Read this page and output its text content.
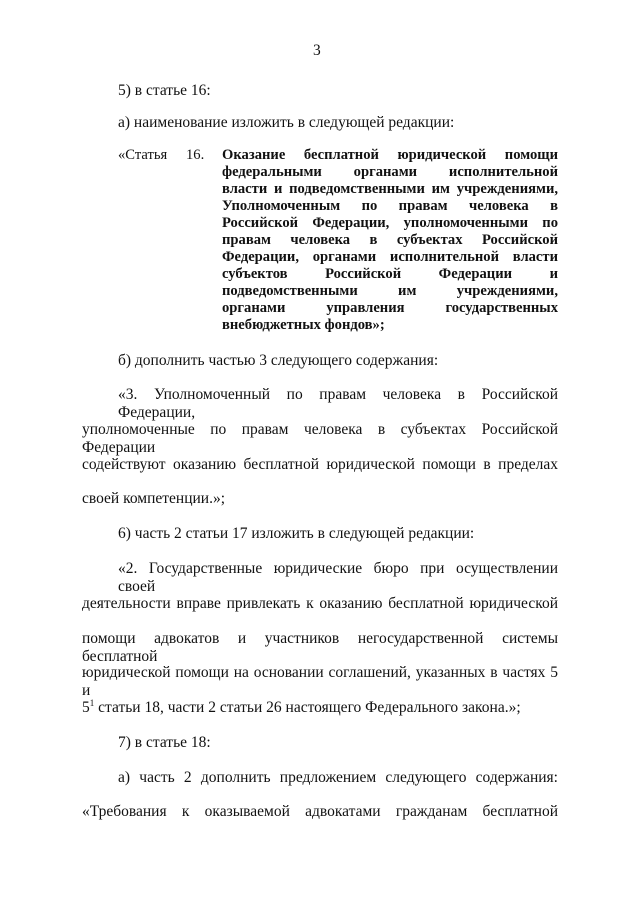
3
5) в статье 16:
а) наименование изложить в следующей редакции:
«Статья 16. Оказание бесплатной юридической помощи
федеральными органами исполнительной
власти и подведомственными им учреждениями,
Уполномоченным по правам человека в
Российской Федерации, уполномоченными по
правам человека в субъектах Российской
Федерации, органами исполнительной власти
субъектов Российской Федерации и
подведомственными им учреждениями,
органами управления государственных
внебюджетных фондов»;
б) дополнить частью 3 следующего содержания:
«3. Уполномоченный по правам человека в Российской Федерации,
уполномоченные по правам человека в субъектах Российской Федерации
содействуют оказанию бесплатной юридической помощи в пределах
своей компетенции.»;
6) часть 2 статьи 17 изложить в следующей редакции:
«2. Государственные юридические бюро при осуществлении своей
деятельности вправе привлекать к оказанию бесплатной юридической
помощи адвокатов и участников негосударственной системы бесплатной
юридической помощи на основании соглашений, указанных в частях 5 и
$5^1$ статьи 18, части 2 статьи 26 настоящего Федерального закона.»;
7) в статье 18:
а) часть 2 дополнить предложением следующего содержания:
«Требования к оказываемой адвокатами гражданам бесплатной
